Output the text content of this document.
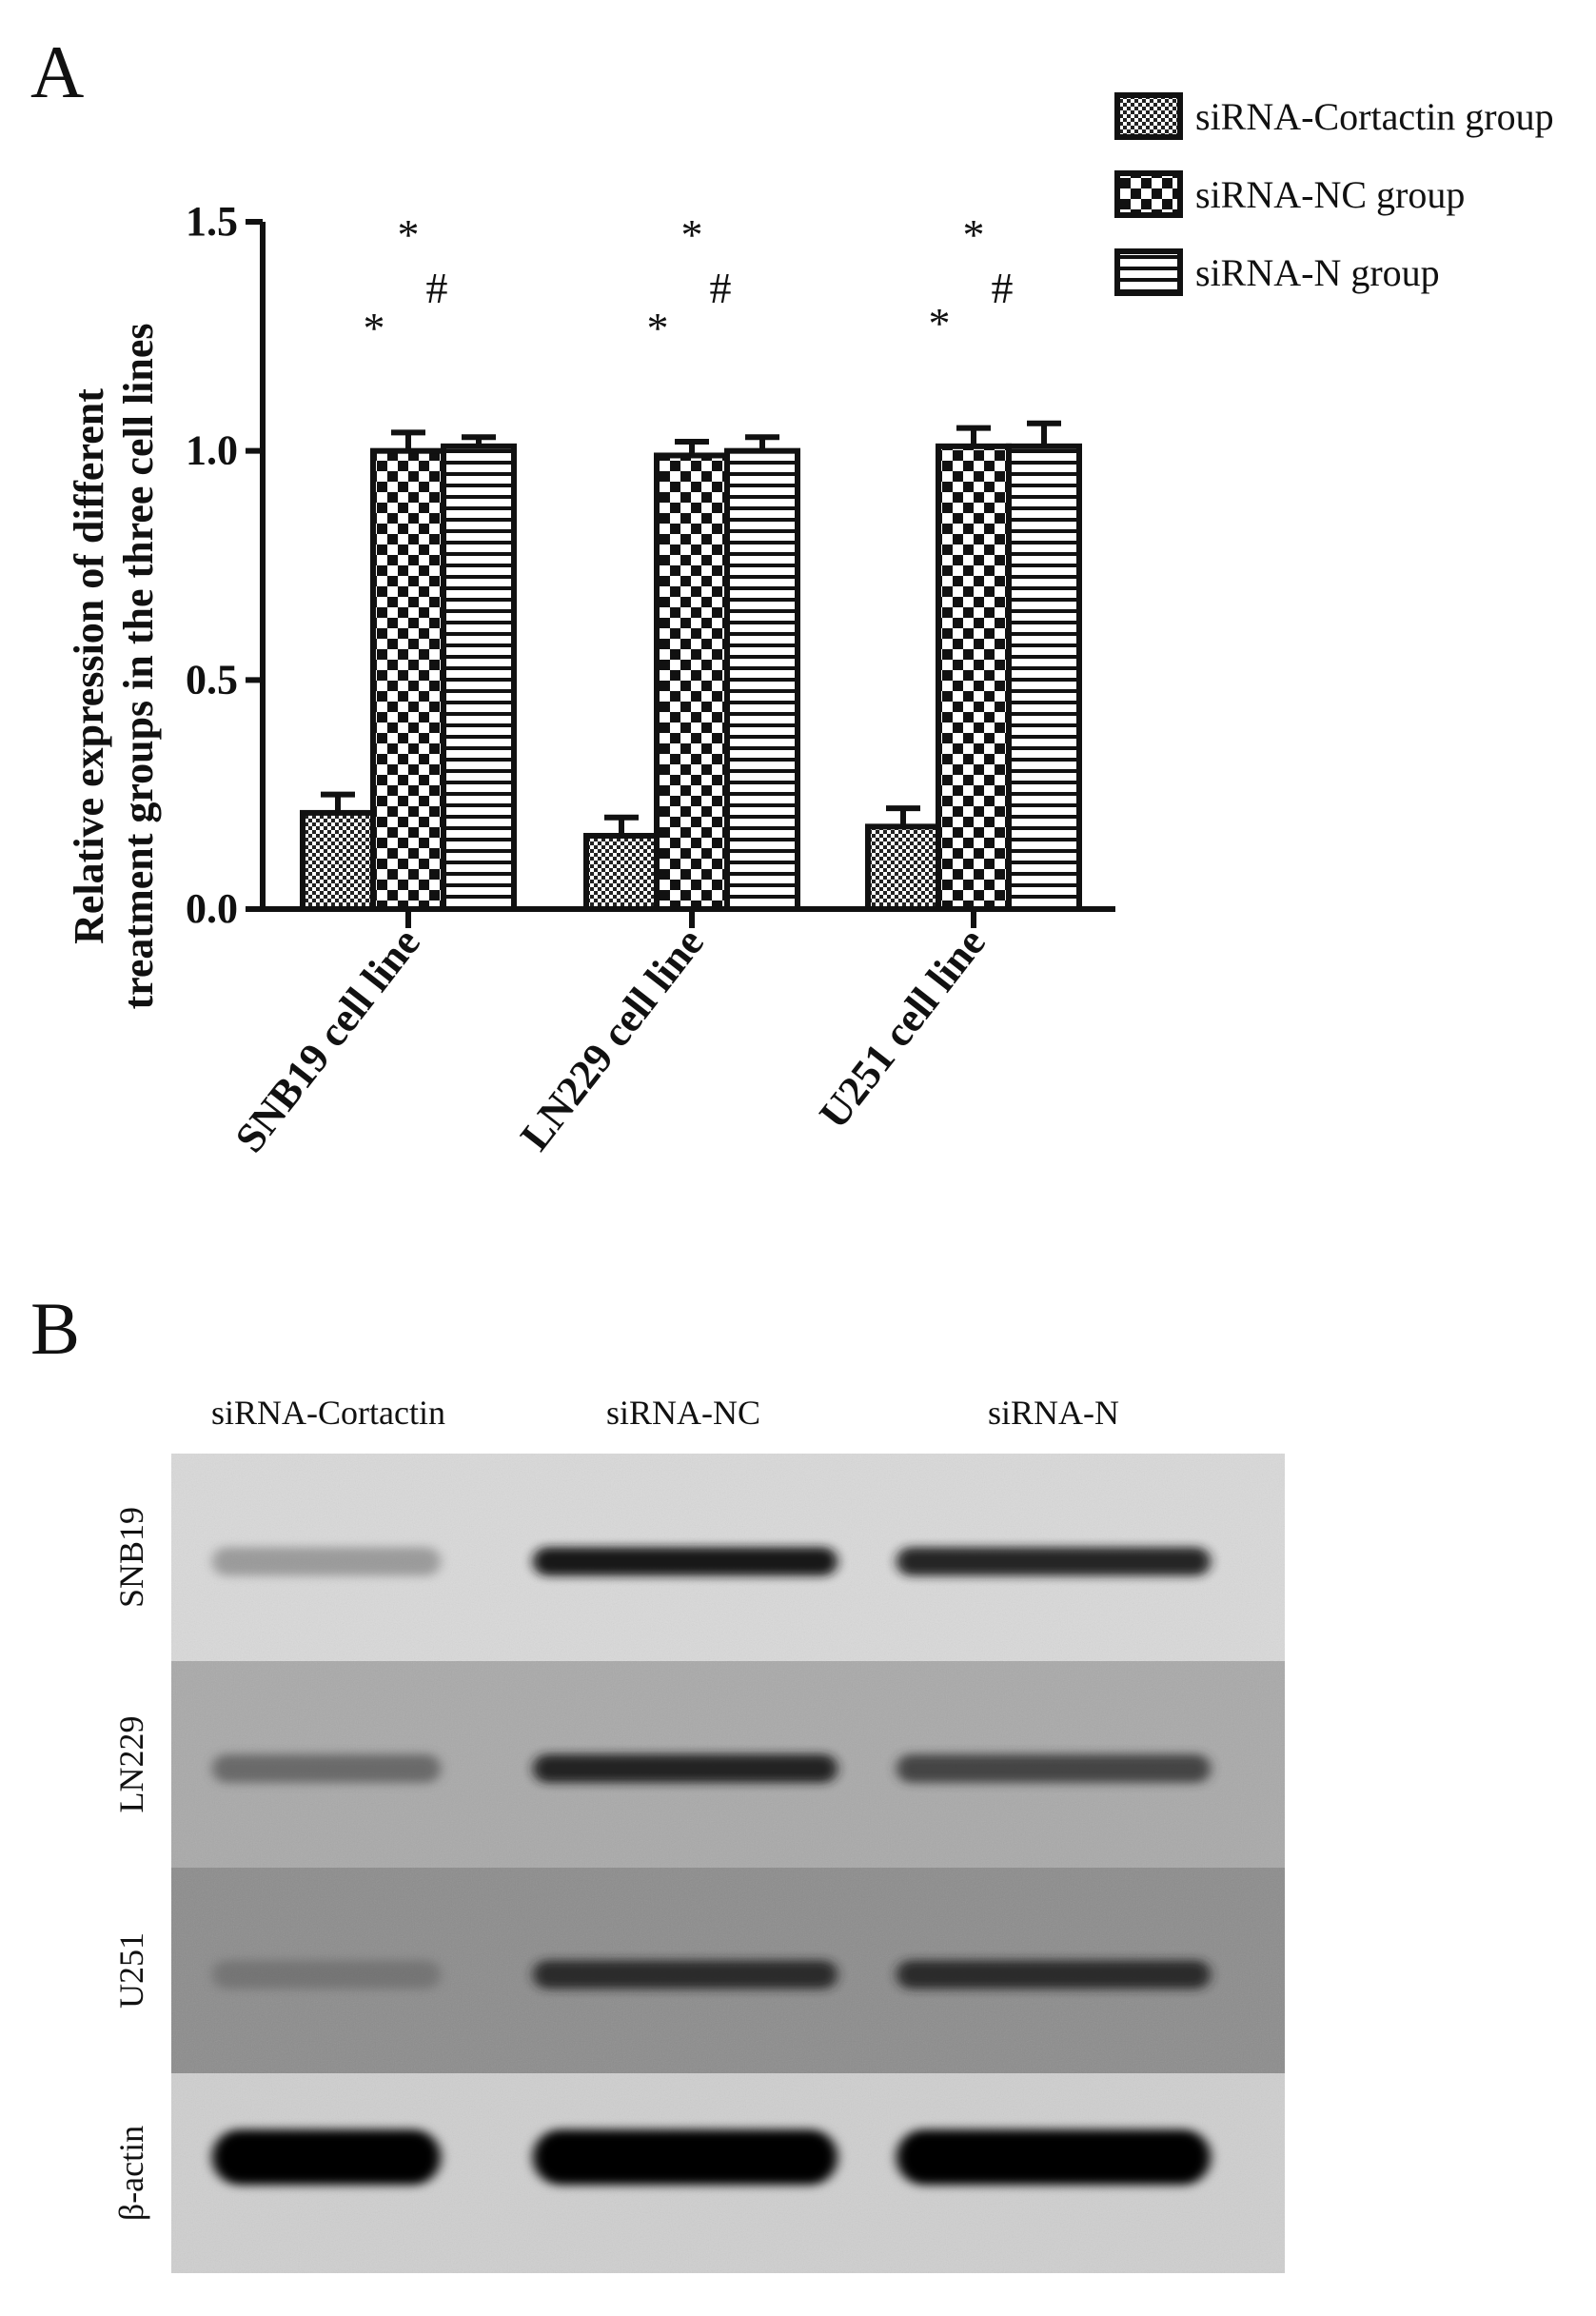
A
B
Relative expression of different treatment groups in the three cell lines 0.0
0.5
1.0
1.5
*
*
#
*
*
#
*
*
#
SNB19 cell line LN229 cell line U251 cell line
siRNA-Cortactin group
siRNA-NC group
siRNA-N group
siRNA-Cortactin	siRNA-NC	siRNA-N
SNB19
LN229
U251
β-actin
